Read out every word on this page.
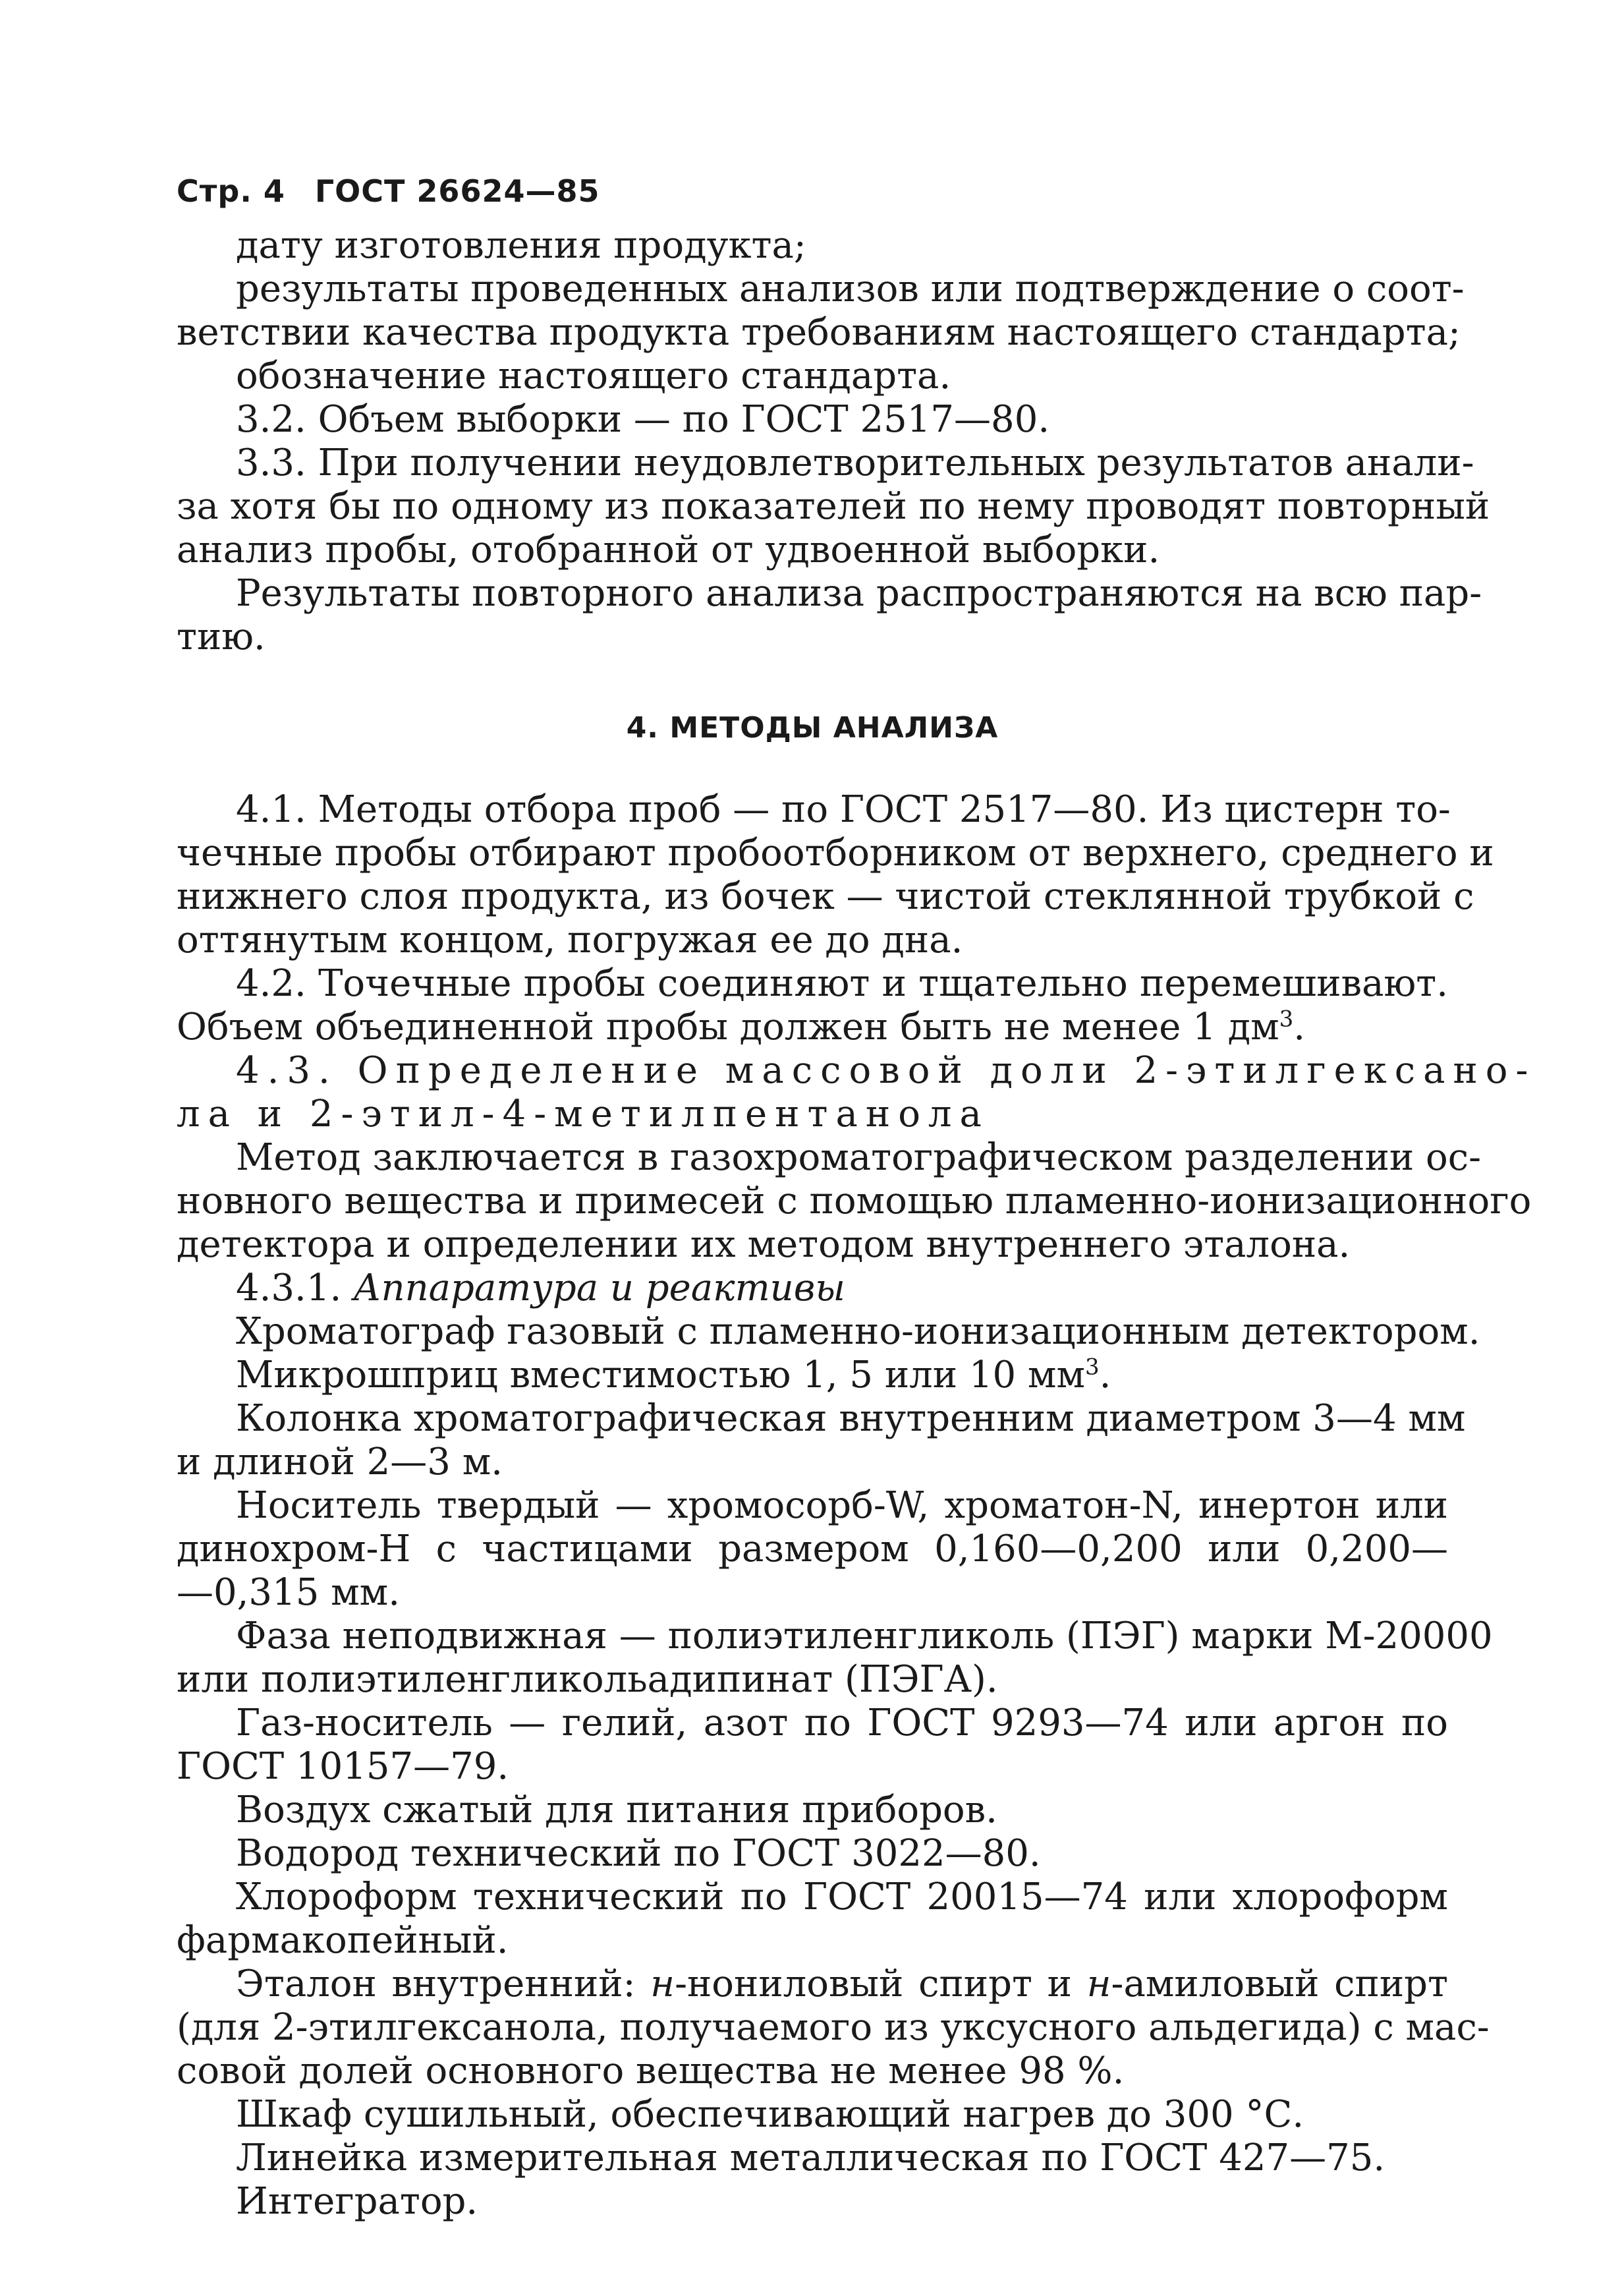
Стр. 4 ГОСТ 26624—85
дату изготовления продукта;
результаты проведенных анализов или подтверждение о соот-
ветствии качества продукта требованиям настоящего стандарта;
обозначение настоящего стандарта.
3.2. Объем выборки — по ГОСТ 2517—80.
3.3. При получении неудовлетворительных результатов анали-
за хотя бы по одному из показателей по нему проводят повторный
анализ пробы, отобранной от удвоенной выборки.
Результаты повторного анализа распространяются на всю пар-
тию.
4. МЕТОДЫ АНАЛИЗА
4.1. Методы отбора проб — по ГОСТ 2517—80. Из цистерн то-
чечные пробы отбирают пробоотборником от верхнего, среднего и
нижнего слоя продукта, из бочек — чистой стеклянной трубкой с
оттянутым концом, погружая ее до дна.
4.2. Точечные пробы соединяют и тщательно перемешивают.
Объем объединенной пробы должен быть не менее 1 $дм^3$.
4.3. Определение массовой доли 2-этилгексано-
ла и 2-этил-4-метилпентанола
Метод заключается в газохроматографическом разделении ос-
новного вещества и примесей с помощью пламенно-ионизационного
детектора и определении их методом внутреннего эталона.
4.3.1. Аппаратура и реактивы
Хроматограф газовый с пламенно-ионизационным детектором.
Микрошприц вместимостью 1, 5 или 10 $мм^3$.
Колонка хроматографическая внутренним диаметром 3—4 мм
и длиной 2—3 м.
Носитель твердый — хромосорб-W, хроматон-N, инертон или
динохром-Н с частицами размером 0,160—0,200 или 0,200—
—0,315 мм.
Фаза неподвижная — полиэтиленгликоль (ПЭГ) марки М-20000
или полиэтиленгликольадипинат (ПЭГА).
Газ-носитель — гелий, азот по ГОСТ 9293—74 или аргон по
ГОСТ 10157—79.
Воздух сжатый для питания приборов.
Водород технический по ГОСТ 3022—80.
Хлороформ технический по ГОСТ 20015—74 или хлороформ
фармакопейный.
Эталон внутренний: н-нониловый спирт и н-амиловый спирт
(для 2-этилгексанола, получаемого из уксусного альдегида) с мас-
совой долей основного вещества не менее 98 %.
Шкаф сушильный, обеспечивающий нагрев до 300 °С.
Линейка измерительная металлическая по ГОСТ 427—75.
Интегратор.
